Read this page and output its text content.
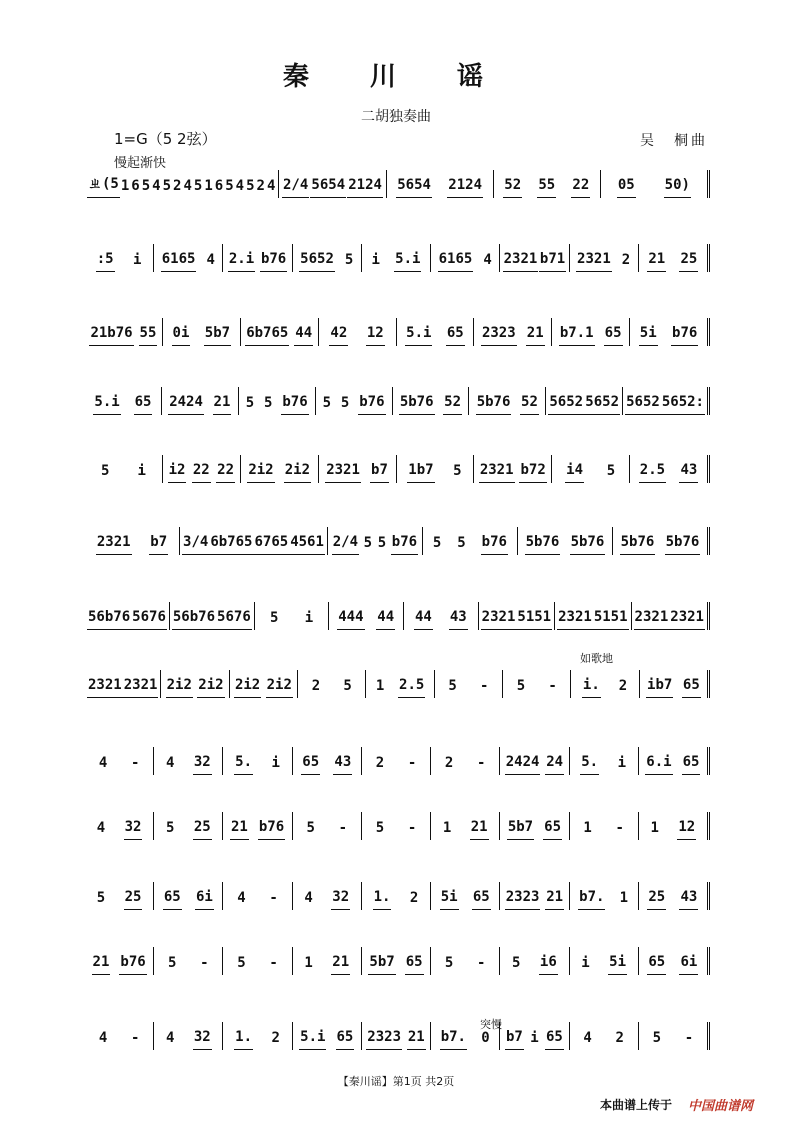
秦 川 谣
二胡独奏曲
1=G（5 2弦）	吴　桐曲
慢起渐快
ㄓ(5 1 6 5 4 5 2 4 5 1 6 5 4 5 2 4 2/4 5654 2124 5654 2124 52 55 22 05 50)
:5 i 6165 4 2.i b76 5652 5 i 5.i 6165 4 2321 b71 2321 2 21 25
21b76 55 0i 5b7 6b765 44 42 12 5.i 65 2323 21 b7.1 65 5i b76
5.i 65 2424 21 5 5 b76 5 5 b76 5b76 52 5b76 52 5652 5652 5652 5652:
5 i i2 22 22 2i2 2i2 2321 b7 1b7 5 2321 b72 i4 5 2.5 43
2321 b7 3/4 6b765 6765 4561 2/4 5 5 b76 5 5 b76 5b76 5b76 5b76 5b76
56b76 5676 56b76 5676 5 i 444 44 44 43 2321 5151 2321 5151 2321 2321
2321 2321 2i2 2i2 2i2 2i2 2 5 1 2.5 5 - 5 - i. 2 ib7 65
4 - 4 32 5. i 65 43 2 - 2 - 2424 24 5. i 6.i 65
4 32 5 25 21 b76 5 - 5 - 1 21 5b7 65 1 - 1 12
5 25 65 6i 4 - 4 32 1. 2 5i 65 2323 21 b7. 1 25 43
21 b76 5 - 5 - 1 21 5b7 65 5 - 5 i6 i 5i 65 6i
4 - 4 32 1. 2 5.i 65 2323 21 b7. 0 b7 i 65 4 2 5 -
如歌地
突慢
【秦川谣】第1页 共2页
本曲谱上传于 中国曲谱网
